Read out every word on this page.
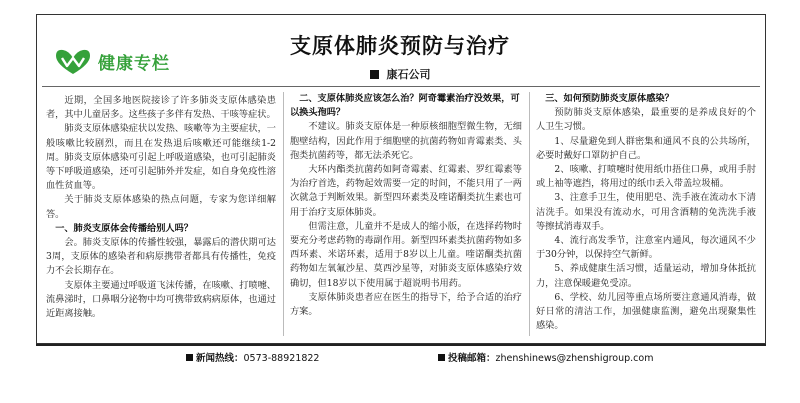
健康专栏
支原体肺炎预防与治疗
康石公司

近期，全国多地医院接诊了许多肺炎支原体感染患者，其中儿童居多。这些孩子多伴有发热、干咳等症状。

肺炎支原体感染症状以发热、咳嗽等为主要症状，一般咳嗽比较剧烈，而且在发热退后咳嗽还可能继续1-2周。肺炎支原体感染可引起上呼吸道感染，也可引起肺炎等下呼吸道感染，还可引起肺外并发症，如自身免疫性溶血性贫血等。

关于肺炎支原体感染的热点问题，专家为您详细解答。

一、肺炎支原体会传播给别人吗？

会。肺炎支原体的传播性较强，暴露后的潜伏期可达3周，支原体的感染者和病原携带者都具有传播性，免疫力不会长期存在。

支原体主要通过呼吸道飞沫传播，在咳嗽、打喷嚏、流鼻涕时，口鼻咽分泌物中均可携带致病病原体，也通过近距离接触。

二、支原体肺炎应该怎么治？阿奇霉素治疗没效果，可以换头孢吗？

不建议。肺炎支原体是一种原核细胞型微生物，无细胞壁结构，因此作用于细胞壁的抗菌药物如青霉素类、头孢类抗菌药等，都无法杀死它。

大环内酯类抗菌药如阿奇霉素、红霉素、罗红霉素等为治疗首选，药物起效需要一定的时间，不能只用了一两次就急于判断效果。新型四环素类及喹诺酮类抗生素也可用于治疗支原体肺炎。

但需注意，儿童并不是成人的缩小版，在选择药物时要充分考虑药物的毒副作用。新型四环素类抗菌药物如多西环素、米诺环素，适用于8岁以上儿童。喹诺酮类抗菌药物如左氧氟沙星、莫西沙星等，对肺炎支原体感染疗效确切，但18岁以下使用属于超说明书用药。

支原体肺炎患者应在医生的指导下，给予合适的治疗方案。

三、如何预防肺炎支原体感染？

预防肺炎支原体感染，最重要的是养成良好的个人卫生习惯。

1、尽量避免到人群密集和通风不良的公共场所，必要时戴好口罩防护自己。

2、咳嗽、打喷嚏时使用纸巾捂住口鼻，或用手肘或上袖等遮挡，将用过的纸巾丢入带盖垃圾桶。

3、注意手卫生，使用肥皂、洗手液在流动水下清洁洗手。如果没有流动水，可用含酒精的免洗洗手液等擦拭消毒双手。

4、流行高发季节，注意室内通风，每次通风不少于30分钟，以保持空气新鲜。

5、养成健康生活习惯，适量运动，增加身体抵抗力，注意保暖避免受凉。

6、学校、幼儿园等重点场所要注意通风消毒，做好日常的清洁工作，加强健康监测，避免出现聚集性感染。

新闻热线：0573-88921822	投稿邮箱：zhenshinews@zhenshigroup.com
